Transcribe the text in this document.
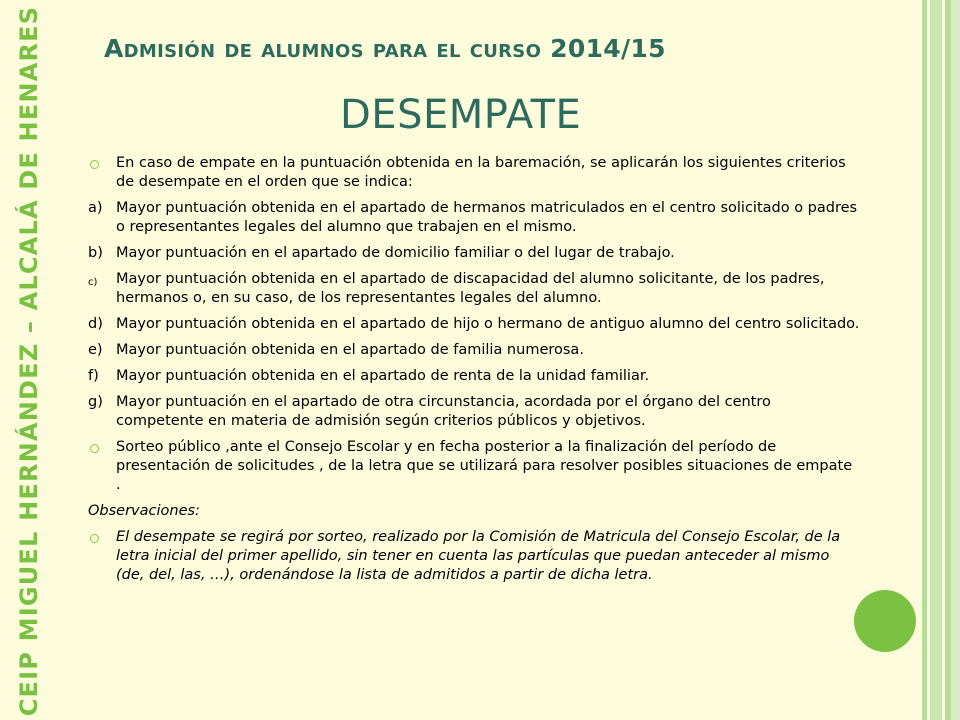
CEIP MIGUEL HERNÁNDEZ – ALCALÁ DE HENARES Admisión de alumnos para el curso 2014/15
DESEMPATE
En caso de empate en la puntuación obtenida en la baremación, se aplicarán los siguientes criterios de desempate en el orden que se indica:
a) Mayor puntuación obtenida en el apartado de hermanos matriculados en el centro solicitado o padres o representantes legales del alumno que trabajen en el mismo.
b) Mayor puntuación en el apartado de domicilio familiar o del lugar de trabajo.
c) Mayor puntuación obtenida en el apartado de discapacidad del alumno solicitante, de los padres, hermanos o, en su caso, de los representantes legales del alumno.
d) Mayor puntuación obtenida en el apartado de hijo o hermano de antiguo alumno del centro solicitado.
e) Mayor puntuación obtenida en el apartado de familia numerosa.
f) Mayor puntuación obtenida en el apartado de renta de la unidad familiar.
g) Mayor puntuación en el apartado de otra circunstancia, acordada por el órgano del centro competente en materia de admisión según criterios públicos y objetivos.
Sorteo público ,ante el Consejo Escolar y en fecha posterior a la finalización del período de presentación de solicitudes , de la letra que se utilizará para resolver posibles situaciones de empate .
Observaciones:
El desempate se regirá por sorteo, realizado por la Comisión de Matricula del Consejo Escolar, de la letra inicial del primer apellido, sin tener en cuenta las partículas que puedan anteceder al mismo (de, del, las, …), ordenándose la lista de admitidos a partir de dicha letra.
